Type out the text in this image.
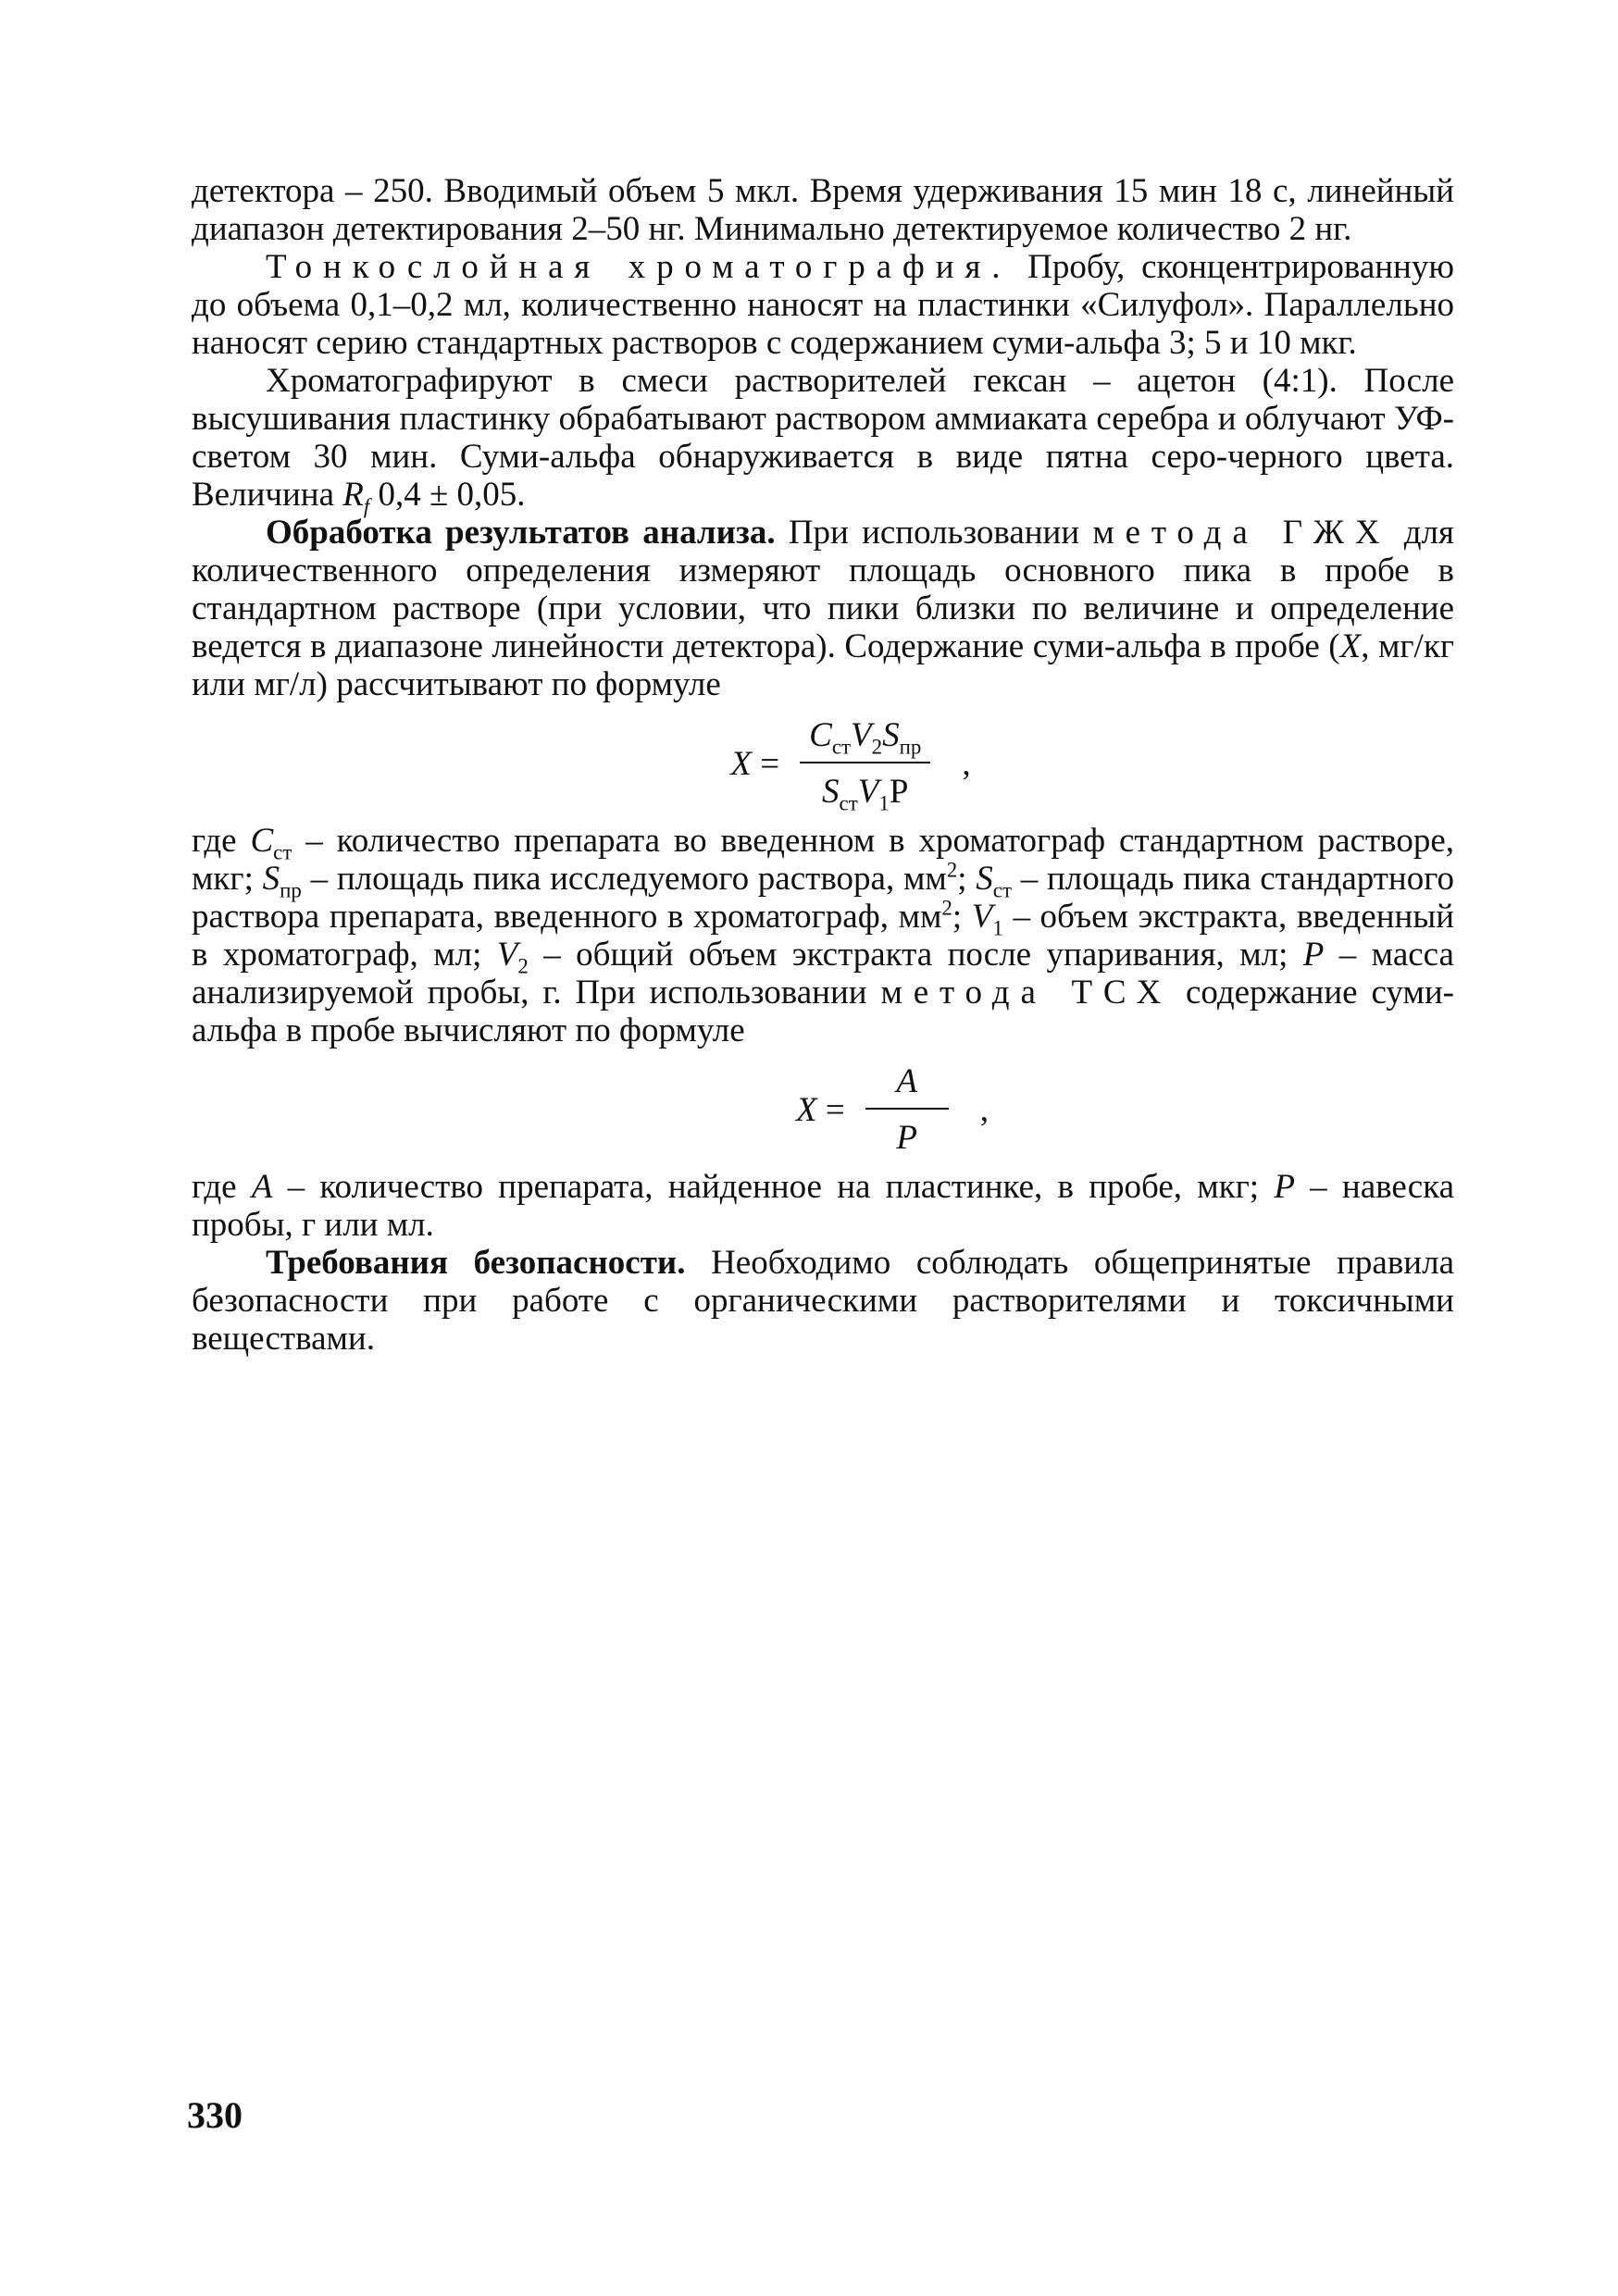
детектора – 250. Вводимый объем 5 мкл. Время удерживания 15 мин 18 с, линейный диапазон детектирования 2–50 нг. Минимально детектируемое количество 2 нг.

Тонкослойная хроматография. Пробу, сконцентрированную до объема 0,1–0,2 мл, количественно наносят на пластинки «Силуфол». Параллельно наносят серию стандартных растворов с содержанием суми-альфа 3; 5 и 10 мкг.

Хроматографируют в смеси растворителей гексан – ацетон (4:1). После высушивания пластинку обрабатывают раствором аммиаката серебра и облучают УФ-светом 30 мин. Суми-альфа обнаруживается в виде пятна серо-черного цвета. Величина $R_f$ 0,4 ± 0,05.

Обработка результатов анализа. При использовании метода ГЖХ для количественного определения измеряют площадь основного пика в пробе в стандартном растворе (при условии, что пики близки по величине и определение ведется в диапазоне линейности детектора). Содержание суми-альфа в пробе (X, мг/кг или мг/л) рассчитывают по формуле

$X = \frac{C_{ст}V_2S_{пр}}{S_{ст}V_1P}$ ,

где $C_{ст}$ – количество препарата во введенном в хроматограф стандартном растворе, мкг; $S_{пр}$ – площадь пика исследуемого раствора, $мм^2$; $S_{ст}$ – площадь пика стандартного раствора препарата, введенного в хроматограф, $мм^2$; $V_1$ – объем экстракта, введенный в хроматограф, мл; $V_2$ – общий объем экстракта после упаривания, мл; P – масса анализируемой пробы, г. При использовании метода ТСХ содержание суми-альфа в пробе вычисляют по формуле

$X = \frac{A}{P}$ ,

где A – количество препарата, найденное на пластинке, в пробе, мкг; P – навеска пробы, г или мл.

Требования безопасности. Необходимо соблюдать общепринятые правила безопасности при работе с органическими растворителями и токсичными веществами.

330
